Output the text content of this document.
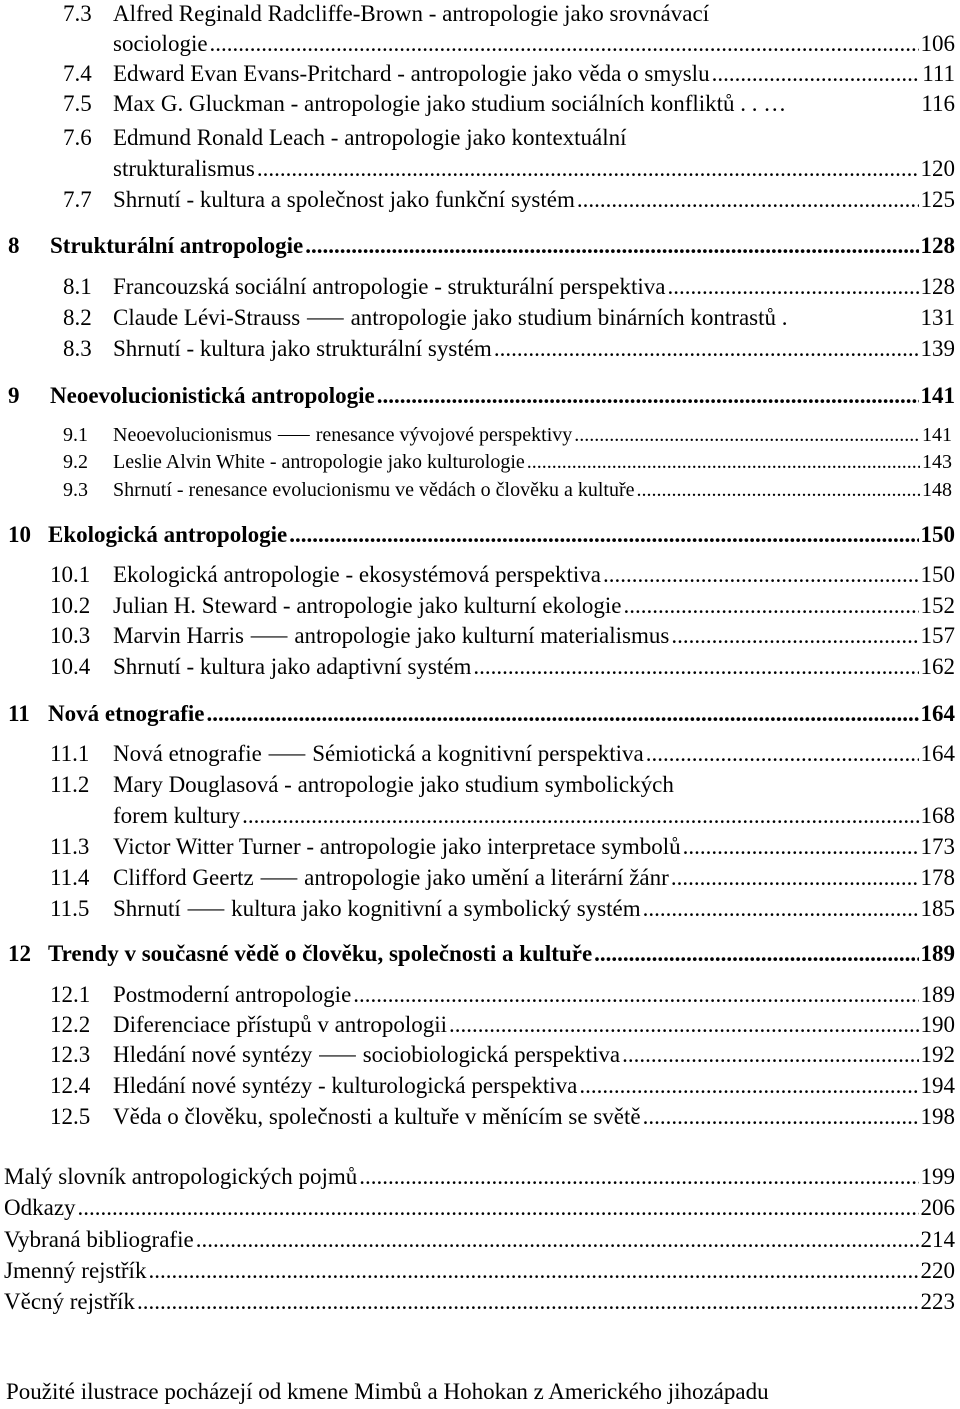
7.3 Alfred Reginald Radcliffe-Brown - antropologie jako srovnávací
sociologie .....	106
7.4 Edward Evan Evans-Pritchard - antropologie jako věda o smyslu .....	111
7.5 Max G. Gluckman - antropologie jako studium sociálních konfliktů . . …	116
7.6 Edmund Ronald Leach - antropologie jako kontextuální
strukturalismus .....	120
7.7 Shrnutí - kultura a společnost jako funkční systém .....	125
8 Strukturální antropologie .....	128
8.1 Francouzská sociální antropologie - strukturální perspektiva .....	128
8.2 Claude Lévi-Strauss ⸺ antropologie jako studium binárních kontrastů .	131
8.3 Shrnutí - kultura jako strukturální systém .....	139
9 Neoevolucionistická antropologie .....	141
9.1 Neoevolucionismus ⸺ renesance vývojové perspektivy .....	141
9.2 Leslie Alvin White - antropologie jako kulturologie .....	143
9.3 Shrnutí - renesance evolucionismu ve vědách o člověku a kultuře .....	148
10 Ekologická antropologie .....	150
10.1 Ekologická antropologie - ekosystémová perspektiva .....	150
10.2 Julian H. Steward - antropologie jako kulturní ekologie .....	152
10.3 Marvin Harris ⸺ antropologie jako kulturní materialismus .....	157
10.4 Shrnutí - kultura jako adaptivní systém .....	162
11 Nová etnografie .....	164
11.1 Nová etnografie ⸺ Sémiotická a kognitivní perspektiva .....	164
11.2 Mary Douglasová - antropologie jako studium symbolických
forem kultury .....	168
11.3 Victor Witter Turner - antropologie jako interpretace symbolů .....	173
11.4 Clifford Geertz ⸺ antropologie jako umění a literární žánr .....	178
11.5 Shrnutí ⸺ kultura jako kognitivní a symbolický systém .....	185
12 Trendy v současné vědě o člověku, společnosti a kultuře .....	189
12.1 Postmoderní antropologie .....	189
12.2 Diferenciace přístupů v antropologii .....	190
12.3 Hledání nové syntézy ⸺ sociobiologická perspektiva .....	192
12.4 Hledání nové syntézy - kulturologická perspektiva .....	194
12.5 Věda o člověku, společnosti a kultuře v měnícím se světě .....	198
Malý slovník antropologických pojmů .....	199
Odkazy .....	206
Vybraná bibliografie .....	214
Jmenný rejstřík .....	220
Věcný rejstřík .....	223
Použité ilustrace pocházejí od kmene Mimbů a Hohokan z Amerického jihozápadu
